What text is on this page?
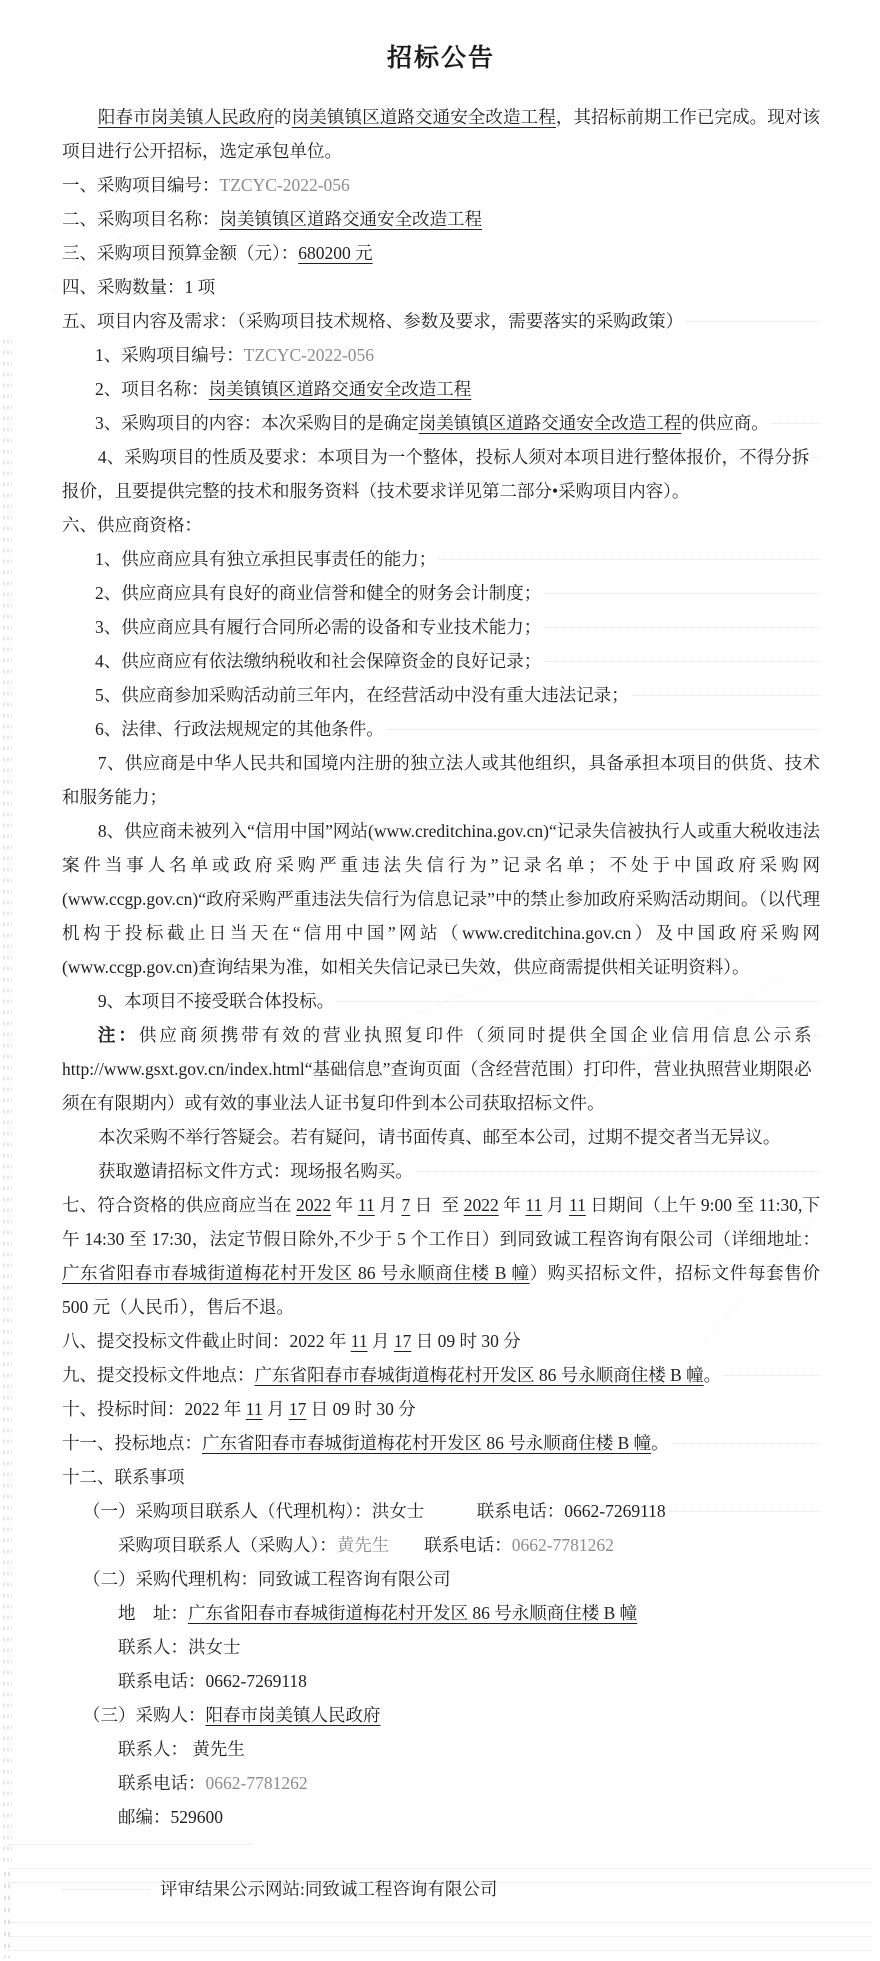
招标公告
阳春市岗美镇人民政府的岗美镇镇区道路交通安全改造工程，其招标前期工作已完成。现对该项目进行公开招标，选定承包单位。
一、采购项目编号：TZCYC-2022-056
二、采购项目名称：岗美镇镇区道路交通安全改造工程
三、采购项目预算金额（元）：680200 元
四、采购数量：1 项
五、项目内容及需求：（采购项目技术规格、参数及要求，需要落实的采购政策）
1、采购项目编号：TZCYC-2022-056
2、项目名称：岗美镇镇区道路交通安全改造工程
3、采购项目的内容：本次采购目的是确定岗美镇镇区道路交通安全改造工程的供应商。
4、采购项目的性质及要求：本项目为一个整体，投标人须对本项目进行整体报价，不得分拆报价，且要提供完整的技术和服务资料（技术要求详见第二部分•采购项目内容）。
六、供应商资格：
1、供应商应具有独立承担民事责任的能力；
2、供应商应具有良好的商业信誉和健全的财务会计制度；
3、供应商应具有履行合同所必需的设备和专业技术能力；
4、供应商应有依法缴纳税收和社会保障资金的良好记录；
5、供应商参加采购活动前三年内，在经营活动中没有重大违法记录；
6、法律、行政法规规定的其他条件。
7、供应商是中华人民共和国境内注册的独立法人或其他组织，具备承担本项目的供货、技术和服务能力；
8、供应商未被列入“信用中国”网站(www.creditchina.gov.cn)“记录失信被执行人或重大税收违法案件当事人名单或政府采购严重违法失信行为”记录名单；不处于中国政府采购网(www.ccgp.gov.cn)“政府采购严重违法失信行为信息记录”中的禁止参加政府采购活动期间。（以代理机构于投标截止日当天在“信用中国”网站（www.creditchina.gov.cn）及中国政府采购网(www.ccgp.gov.cn)查询结果为准，如相关失信记录已失效，供应商需提供相关证明资料）。
9、本项目不接受联合体投标。
注：供应商须携带有效的营业执照复印件（须同时提供全国企业信用信息公示系 http://www.gsxt.gov.cn/index.html“基础信息”查询页面（含经营范围）打印件，营业执照营业期限必须在有限期内）或有效的事业法人证书复印件到本公司获取招标文件。
本次采购不举行答疑会。若有疑问，请书面传真、邮至本公司，过期不提交者当无异议。
获取邀请招标文件方式：现场报名购买。
七、符合资格的供应商应当在 2022 年 11 月 7 日  至 2022 年 11 月 11 日期间（上午 9:00 至 11:30,下午 14:30 至 17:30，法定节假日除外,不少于 5 个工作日）到同致诚工程咨询有限公司（详细地址：广东省阳春市春城街道梅花村开发区 86 号永顺商住楼 B 幢）购买招标文件，招标文件每套售价 500 元（人民币），售后不退。
八、提交投标文件截止时间：2022 年 11 月 17 日 09 时 30 分
九、提交投标文件地点：广东省阳春市春城街道梅花村开发区 86 号永顺商住楼 B 幢。
十、投标时间：2022 年 11 月 17 日 09 时 30 分
十一、投标地点：广东省阳春市春城街道梅花村开发区 86 号永顺商住楼 B 幢。
十二、联系事项
（一）采购项目联系人（代理机构）：洪女士　　　联系电话：0662-7269118
采购项目联系人（采购人）：黄先生　　联系电话：0662-7781262
（二）采购代理机构：同致诚工程咨询有限公司
地　址：广东省阳春市春城街道梅花村开发区 86 号永顺商住楼 B 幢
联系人：洪女士
联系电话：0662-7269118
（三）采购人：阳春市岗美镇人民政府
联系人： 黄先生
联系电话：0662-7781262
邮编：529600
评审结果公示网站:同致诚工程咨询有限公司
